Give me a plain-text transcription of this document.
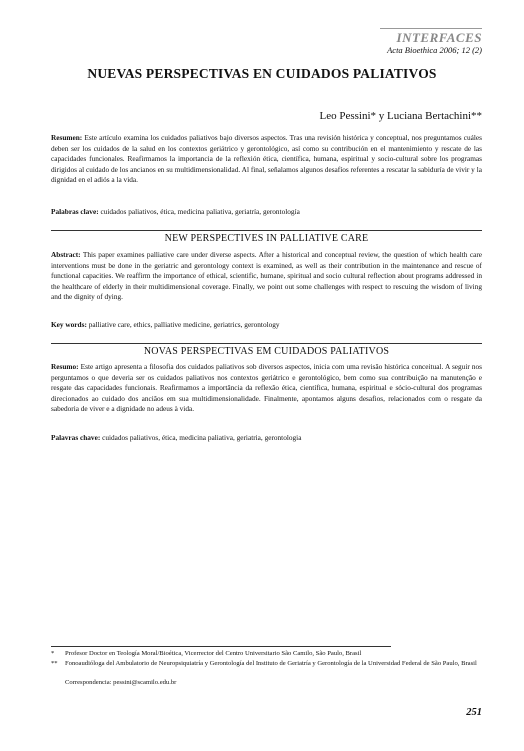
INTERFACES
Acta Bioethica 2006; 12 (2)
NUEVAS PERSPECTIVAS EN CUIDADOS PALIATIVOS
Leo Pessini* y Luciana Bertachini**
Resumen: Este artículo examina los cuidados paliativos bajo diversos aspectos. Tras una revisión histórica y conceptual, nos preguntamos cuáles deben ser los cuidados de la salud en los contextos geriátrico y gerontológico, así como su contribución en el mantenimiento y rescate de las capacidades funcionales. Reafirmamos la importancia de la reflexión ética, científica, humana, espiritual y socio-cultural sobre los programas dirigidos al cuidado de los ancianos en su multidimensionalidad. Al final, señalamos algunos desafíos referentes a rescatar la sabiduría de vivir y la dignidad en el adiós a la vida.
Palabras clave: cuidados paliativos, ética, medicina paliativa, geriatría, gerontología
NEW PERSPECTIVES IN PALLIATIVE CARE
Abstract: This paper examines palliative care under diverse aspects. After a historical and conceptual review, the question of which health care interventions must be done in the geriatric and gerontology context is examined, as well as their contribution in the maintenance and rescue of functional capacities. We reaffirm the importance of ethical, scientific, humane, spiritual and socio cultural reflection about programs addressed in the healthcare of elderly in their multidimensional coverage. Finally, we point out some challenges with respect to rescuing the wisdom of living and the dignity of dying.
Key words: palliative care, ethics, palliative medicine, geriatrics, gerontology
NOVAS PERSPECTIVAS EM CUIDADOS PALIATIVOS
Resumo: Este artigo apresenta a filosofia dos cuidados paliativos sob diversos aspectos, inicia com uma revisão histórica conceitual. A seguir nos perguntamos o que deveria ser os cuidados paliativos nos contextos geriátrico e gerontológico, bem como sua contribuição na manutenção e resgate das capacidades funcionais. Reafirmamos a importância da reflexão ética, científica, humana, espiritual e sócio-cultural dos programas direcionados ao cuidado dos anciãos em sua multidimensionalidade. Finalmente, apontamos alguns desafios, relacionados com o resgate da sabedoria de viver e a dignidade no adeus à vida.
Palavras chave: cuidados paliativos, ética, medicina paliativa, geriatria, gerontologia
*	Profesor Doctor en Teología Moral/Bioética, Vicerrector del Centro Universitario São Camilo, São Paulo, Brasil
**	Fonoaudióloga del Ambulatorio de Neuropsiquiatría y Gerontología del Instituto de Geriatría y Gerontología de la Universidad Federal de São Paulo, Brasil
Correspondencia: pessini@scamilo.edu.br
251
